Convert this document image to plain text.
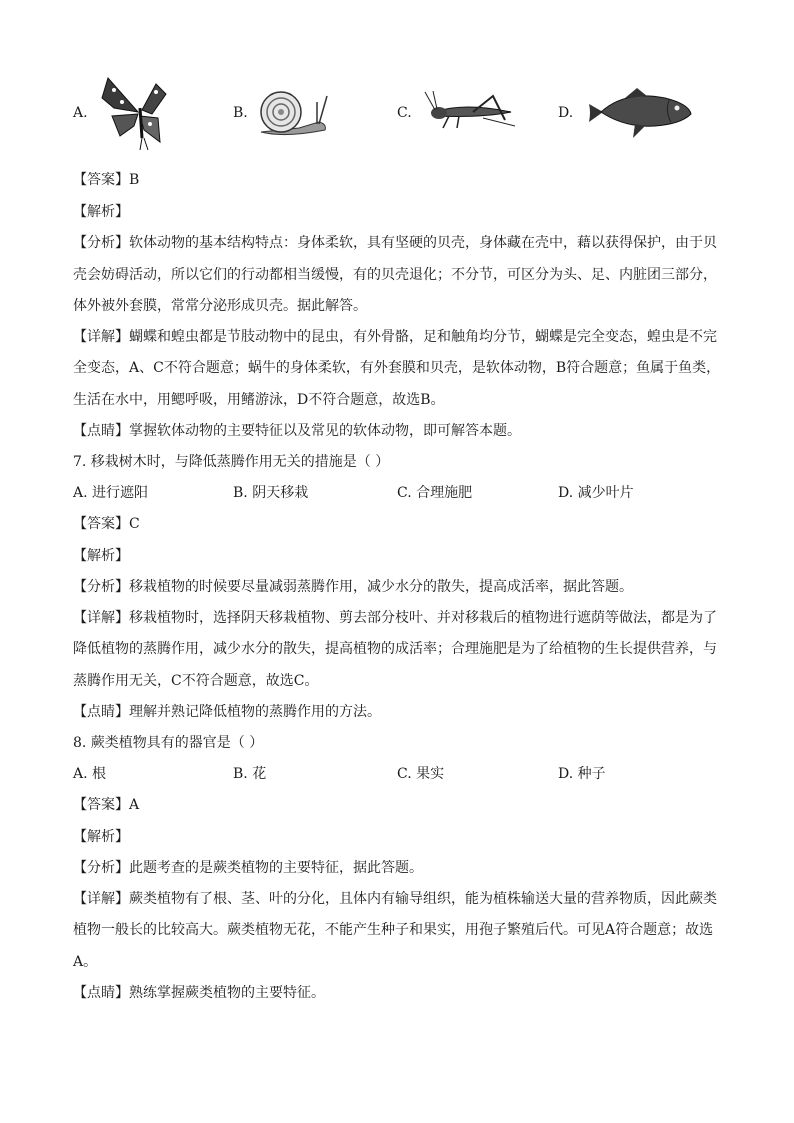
A.	B.	C.	D.
【答案】B
【解析】
【分析】软体动物的基本结构特点：身体柔软，具有坚硬的贝壳，身体藏在壳中，藉以获得保护，由于贝
壳会妨碍活动，所以它们的行动都相当缓慢，有的贝壳退化；不分节，可区分为头、足、内脏团三部分，
体外被外套膜，常常分泌形成贝壳。据此解答。
【详解】蝴蝶和蝗虫都是节肢动物中的昆虫，有外骨骼，足和触角均分节，蝴蝶是完全变态，蝗虫是不完
全变态，A、C不符合题意；蜗牛的身体柔软，有外套膜和贝壳，是软体动物，B符合题意；鱼属于鱼类，
生活在水中，用鳃呼吸，用鳍游泳，D不符合题意，故选B。
【点睛】掌握软体动物的主要特征以及常见的软体动物，即可解答本题。
7. 移栽树木时，与降低蒸腾作用无关的措施是（ ）
A. 进行遮阳	B. 阴天移栽	C. 合理施肥	D. 减少叶片
【答案】C
【解析】
【分析】移栽植物的时候要尽量减弱蒸腾作用，减少水分的散失，提高成活率，据此答题。
【详解】移栽植物时，选择阴天移栽植物、剪去部分枝叶、并对移栽后的植物进行遮荫等做法，都是为了
降低植物的蒸腾作用，减少水分的散失，提高植物的成活率；合理施肥是为了给植物的生长提供营养，与
蒸腾作用无关，C不符合题意，故选C。
【点睛】理解并熟记降低植物的蒸腾作用的方法。
8. 蕨类植物具有的器官是（ ）
A. 根	B. 花	C. 果实	D. 种子
【答案】A
【解析】
【分析】此题考查的是蕨类植物的主要特征，据此答题。
【详解】蕨类植物有了根、茎、叶的分化，且体内有输导组织，能为植株输送大量的营养物质，因此蕨类
植物一般长的比较高大。蕨类植物无花，不能产生种子和果实，用孢子繁殖后代。可见A符合题意；故选
A。
【点睛】熟练掌握蕨类植物的主要特征。
